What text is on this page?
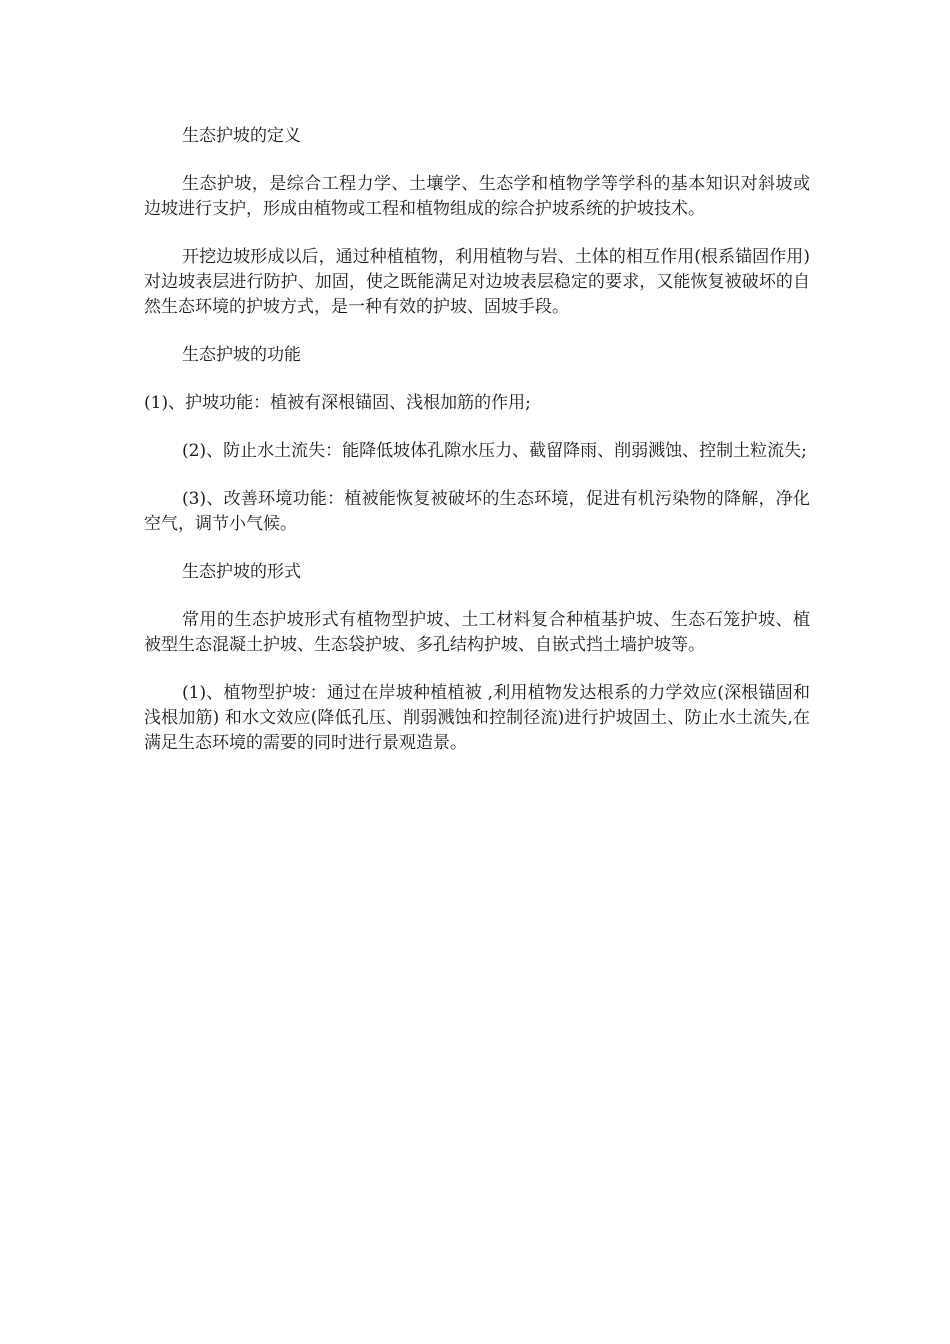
生态护坡的定义

生态护坡，是综合工程力学、土壤学、生态学和植物学等学科的基本知识对斜坡或边坡进行支护，形成由植物或工程和植物组成的综合护坡系统的护坡技术。

开挖边坡形成以后，通过种植植物，利用植物与岩、土体的相互作用(根系锚固作用)对边坡表层进行防护、加固，使之既能满足对边坡表层稳定的要求，又能恢复被破坏的自然生态环境的护坡方式，是一种有效的护坡、固坡手段。

生态护坡的功能

(1)、护坡功能：植被有深根锚固、浅根加筋的作用;

(2)、防止水土流失：能降低坡体孔隙水压力、截留降雨、削弱溅蚀、控制土粒流失;

(3)、改善环境功能：植被能恢复被破坏的生态环境，促进有机污染物的降解，净化空气，调节小气候。

生态护坡的形式

常用的生态护坡形式有植物型护坡、土工材料复合种植基护坡、生态石笼护坡、植被型生态混凝土护坡、生态袋护坡、多孔结构护坡、自嵌式挡土墙护坡等。

(1)、植物型护坡：通过在岸坡种植植被 ,利用植物发达根系的力学效应(深根锚固和浅根加筋) 和水文效应(降低孔压、削弱溅蚀和控制径流)进行护坡固土、防止水土流失,在满足生态环境的需要的同时进行景观造景。
